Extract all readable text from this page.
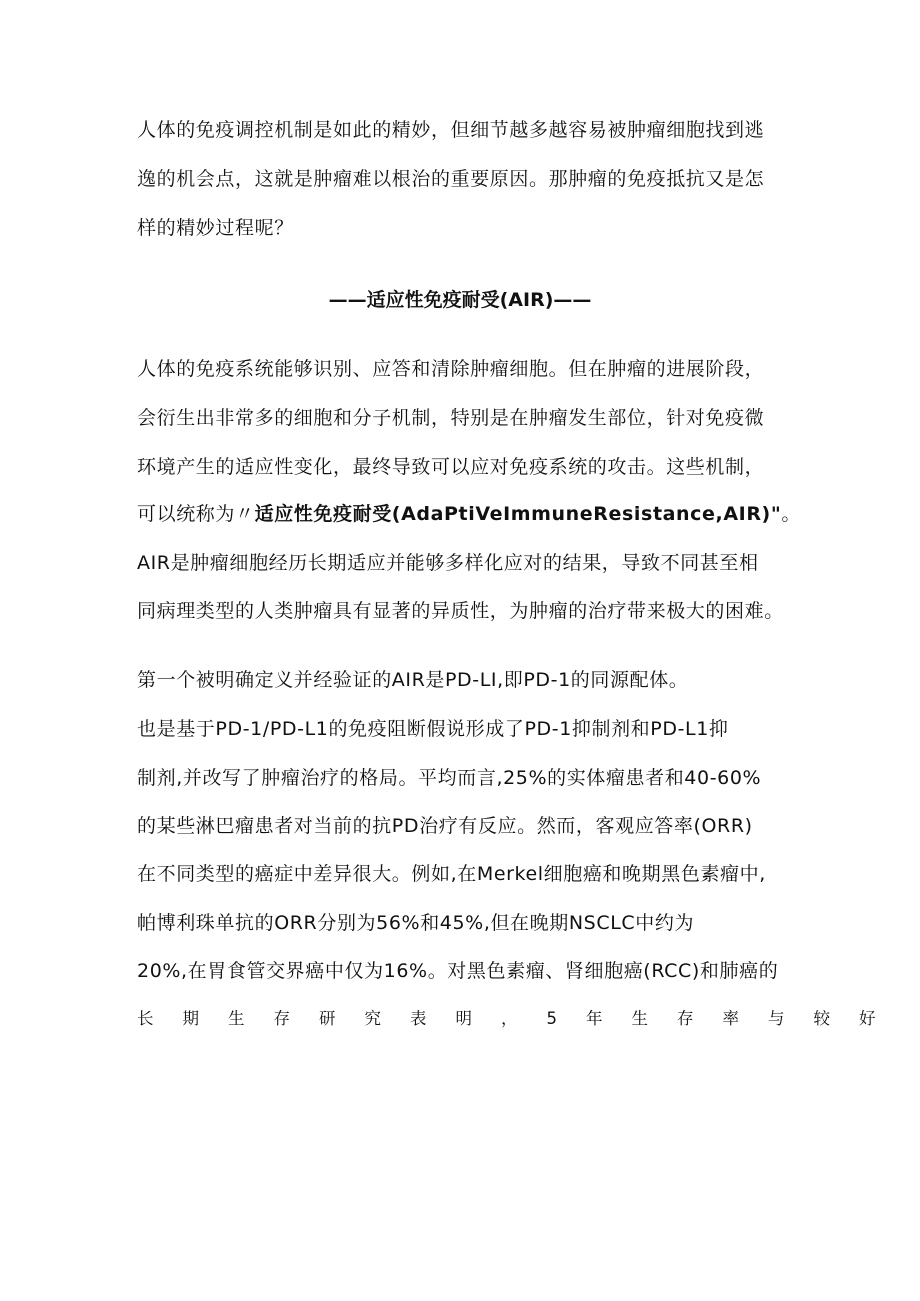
人体的免疫调控机制是如此的精妙，但细节越多越容易被肿瘤细胞找到逃
逸的机会点，这就是肿瘤难以根治的重要原因。那肿瘤的免疫抵抗又是怎
样的精妙过程呢？
——适应性免疫耐受(AIR)——
人体的免疫系统能够识别、应答和清除肿瘤细胞。但在肿瘤的进展阶段，
会衍生出非常多的细胞和分子机制，特别是在肿瘤发生部位，针对免疫微
环境产生的适应性变化，最终导致可以应对免疫系统的攻击。这些机制，
可以统称为〃适应性免疫耐受(AdaPtiVeImmuneResistance,AIR)"。
AIR是肿瘤细胞经历长期适应并能够多样化应对的结果，导致不同甚至相
同病理类型的人类肿瘤具有显著的异质性，为肿瘤的治疗带来极大的困难。
第一个被明确定义并经验证的AIR是PD-LI,即PD-1的同源配体。
也是基于PD-1/PD-L1的免疫阻断假说形成了PD-1抑制剂和PD-L1抑
制剂,并改写了肿瘤治疗的格局。平均而言,25%的实体瘤患者和40-60%
的某些淋巴瘤患者对当前的抗PD治疗有反应。然而，客观应答率(ORR)
在不同类型的癌症中差异很大。例如,在Merkel细胞癌和晚期黑色素瘤中,
帕博利珠单抗的ORR分别为56%和45%,但在晚期NSCLC中约为
20%,在胃食管交界癌中仅为16%。对黑色素瘤、肾细胞癌(RCC)和肺癌的
长期生存研究表明，5年生存率与较好
